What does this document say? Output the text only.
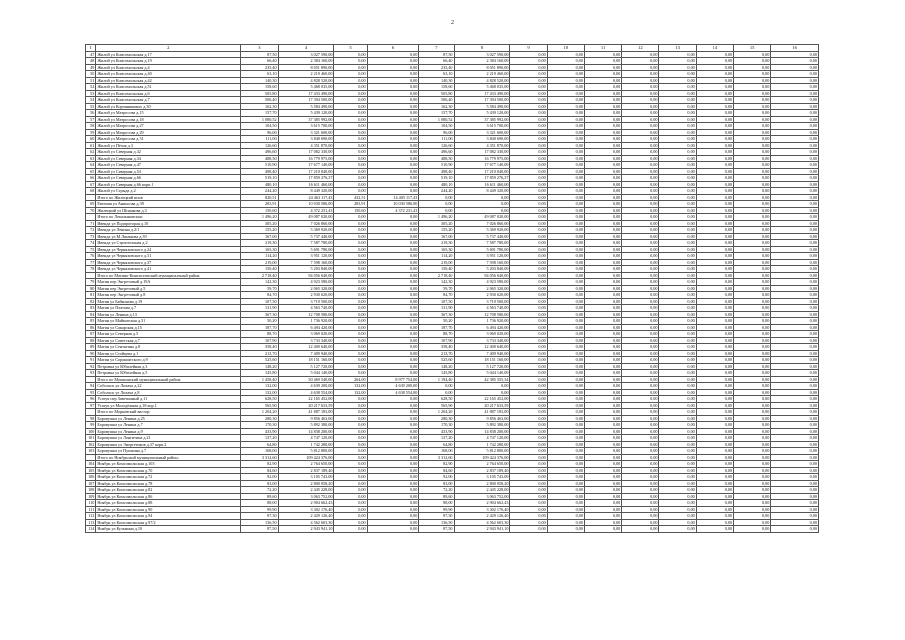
2
1	2	3	4	5	6	7	8	9	10	11	12	13	14	15	16
47	Жилой ул Комсомольская д.17	87,50	3 027 590,00	0,00	0,00	87,50	3 027 590,00	0,00	0,00	0,00	0,00	0,00	0,00	0,00	0,00
48	Жилой ул Комсомольская д.19	66,40	2 384 160,00	0,00	0,00	66,40	2 384 160,00	0,00	0,00	0,00	0,00	0,00	0,00	0,00	0,00
49	Жилой ул Комсомольская д.4	235,40	8 051 890,00	0,00	0,00	235,40	8 051 890,00	0,00	0,00	0,00	0,00	0,00	0,00	0,00	0,00
50	Жилой ул Комсомольская д.40	63,10	2 219 460,00	0,00	0,00	63,10	2 219 460,00	0,00	0,00	0,00	0,00	0,00	0,00	0,00	0,00
51	Жилой ул Комсомольская д.42	140,30	4 828 520,00	0,00	0,00	140,30	4 828 520,00	0,00	0,00	0,00	0,00	0,00	0,00	0,00	0,00
52	Жилой ул Комсомольская д.51	158,60	5 468 035,00	0,00	0,00	158,60	5 468 035,00	0,00	0,00	0,00	0,00	0,00	0,00	0,00	0,00
53	Жилой ул Комсомольская д.6	505,80	17 433 490,00	0,00	0,00	505,80	17 433 490,00	0,00	0,00	0,00	0,00	0,00	0,00	0,00	0,00
54	Жилой ул Комсомольская д.7	506,40	17 394 500,00	0,00	0,00	506,40	17 394 500,00	0,00	0,00	0,00	0,00	0,00	0,00	0,00	0,00
55	Жилой ул Корчиниковых д.30	162,30	5 584 490,00	0,00	0,00	162,30	5 584 490,00	0,00	0,00	0,00	0,00	0,00	0,00	0,00	0,00
56	Жилой ул Матросова д.15	157,70	5 439 120,00	0,00	0,00	157,70	5 439 120,00	0,00	0,00	0,00	0,00	0,00	0,00	0,00	0,00
57	Жилой ул Матросова д.18	1 080,52	37 385 992,00	0,00	0,00	1 080,52	37 385 992,00	0,00	0,00	0,00	0,00	0,00	0,00	0,00	0,00
58	Жилой ул Матросова д.27	104,50	3 615 700,00	0,00	0,00	104,50	3 615 700,00	0,00	0,00	0,00	0,00	0,00	0,00	0,00	0,00
59	Жилой ул Матросова д.29	96,00	3 321 600,00	0,00	0,00	96,00	3 321 600,00	0,00	0,00	0,00	0,00	0,00	0,00	0,00	0,00
60	Жилой ул Матросова д.31	111,00	3 840 690,00	0,00	0,00	111,00	3 840 690,00	0,00	0,00	0,00	0,00	0,00	0,00	0,00	0,00
61	Жилой ул Пёхоя д.3	126,60	4 351 870,00	0,00	0,00	126,60	4 351 870,00	0,00	0,00	0,00	0,00	0,00	0,00	0,00	0,00
62	Жилой ул Северная д.32	496,60	17 082 330,00	0,00	0,00	496,60	17 082 330,00	0,00	0,00	0,00	0,00	0,00	0,00	0,00	0,00
63	Жилой ул Северная д.34	488,50	16 779 975,00	0,00	0,00	488,50	16 779 975,00	0,00	0,00	0,00	0,00	0,00	0,00	0,00	0,00
64	Жилой ул Северная д.47	510,90	17 677 140,00	0,00	0,00	510,90	17 677 140,00	0,00	0,00	0,00	0,00	0,00	0,00	0,00	0,00
65	Жилой ул Северная д.54	498,40	17 210 040,00	0,00	0,00	498,40	17 210 040,00	0,00	0,00	0,00	0,00	0,00	0,00	0,00	0,00
66	Жилой ул Северная д.66	519,10	17 859 276,37	0,00	0,00	519,10	17 859 276,37	0,00	0,00	0,00	0,00	0,00	0,00	0,00	0,00
67	Жилой ул Северная д.66 корп.1	480,10	16 611 460,00	0,00	0,00	480,10	16 611 460,00	0,00	0,00	0,00	0,00	0,00	0,00	0,00	0,00
68	Жилой ул Стрыда д.2	244,20	8 449 320,00	0,00	0,00	244,20	8 449 320,00	0,00	0,00	0,00	0,00	0,00	0,00	0,00	0,00
	Итого по Жилецкий ипов	820,51	24 463 117,43	432,51	14 405 117,43	0,00	0,00	0,00	0,00	0,00	0,00	0,00	0,00	0,00	0,00
69	Евгения ул Анинсова д.39	283,91	10 030 586,00	283,91	10 030 586,00	0,00	0,00	0,00	0,00	0,00	0,00	0,00	0,00	0,00	0,00
70	Жилецкий ул Шпанкова д.3	150,60	4 372 231,43	150,60	4 372 231,43	0,00	0,00	0,00	0,00	0,00	0,00	0,00	0,00	0,00	0,00
	Итого по Лекалыновская:	1 496,20	49 087 020,00	0,00	0,00	1 496,20	49 087 020,00	0,00	0,00	0,00	0,00	0,00	0,00	0,00	0,00
71	Ивенда ул Подпроторая д.10	305,20	7 026 860,00	0,00	0,00	305,20	7 026 860,00	0,00	0,00	0,00	0,00	0,00	0,00	0,00	0,00
72	Ивенда ул Ленина д.2/1	155,20	5 369 920,00	0,00	0,00	155,20	5 369 920,00	0,00	0,00	0,00	0,00	0,00	0,00	0,00	0,00
73	Ивенда ул М.Линькова д.39	167,00	5 737 440,00	0,00	0,00	167,00	5 737 440,00	0,00	0,00	0,00	0,00	0,00	0,00	0,00	0,00
74	Ивенда ул Строительная д.2	219,30	7 587 780,00	0,00	0,00	219,30	7 587 780,00	0,00	0,00	0,00	0,00	0,00	0,00	0,00	0,00
75	Ивенда ул Черняховского д.24	165,30	5 691 780,00	0,00	0,00	165,30	5 691 780,00	0,00	0,00	0,00	0,00	0,00	0,00	0,00	0,00
76	Ивенда ул Черняховского д.31	114,20	3 951 120,00	0,00	0,00	114,20	3 951 120,00	0,00	0,00	0,00	0,00	0,00	0,00	0,00	0,00
77	Ивенда ул Черняховского д.37	219,00	7 598 160,00	0,00	0,00	219,00	7 598 160,00	0,00	0,00	0,00	0,00	0,00	0,00	0,00	0,00
78	Ивенда ул Черняховского д.41	150,40	5 203 840,00	0,00	0,00	150,40	5 203 840,00	0,00	0,00	0,00	0,00	0,00	0,00	0,00	0,00
	Итого по Магино-Кингисеппский муниципальный район:	2 718,40	94 056 640,00	0,00	0,00	2 718,40	94 056 640,00	0,00	0,00	0,00	0,00	0,00	0,00	0,00	0,00
79	Магин пер Энгретовый д.19А	142,30	4 923 580,00	0,00	0,00	142,30	4 923 580,00	0,00	0,00	0,00	0,00	0,00	0,00	0,00	0,00
80	Магин пер Энгретовый д.5	59,70	2 065 320,00	0,00	0,00	59,70	2 065 320,00	0,00	0,00	0,00	0,00	0,00	0,00	0,00	0,00
81	Магин пер Энгретовый д.8	84,70	2 930 620,00	0,00	0,00	84,70	2 930 620,00	0,00	0,00	0,00	0,00	0,00	0,00	0,00	0,00
82	Магин ул Байконова д.19	107,50	3 719 500,00	0,00	0,00	107,50	3 719 500,00	0,00	0,00	0,00	0,00	0,00	0,00	0,00	0,00
83	Магин ул Платова д.7	131,90	4 563 740,00	0,00	0,00	131,90	4 563 740,00	0,00	0,00	0,00	0,00	0,00	0,00	0,00	0,00
84	Магин ул Ленина д.13	367,30	12 708 580,00	0,00	0,00	367,30	12 708 580,00	0,00	0,00	0,00	0,00	0,00	0,00	0,00	0,00
85	Магин ул Майкопская д.31	50,20	1 736 920,00	0,00	0,00	50,20	1 736 920,00	0,00	0,00	0,00	0,00	0,00	0,00	0,00	0,00
86	Магин ул Сакарская д.15	187,70	6 494 420,00	0,00	0,00	187,70	6 494 420,00	0,00	0,00	0,00	0,00	0,00	0,00	0,00	0,00
87	Магин ул Северная д.5	88,70	3 069 020,00	0,00	0,00	88,70	3 069 020,00	0,00	0,00	0,00	0,00	0,00	0,00	0,00	0,00
88	Магин ул Советская д.7	107,90	3 733 340,00	0,00	0,00	107,90	3 733 340,00	0,00	0,00	0,00	0,00	0,00	0,00	0,00	0,00
89	Магин ул Сентягина д.8	358,40	12 400 640,00	0,00	0,00	358,40	12 400 640,00	0,00	0,00	0,00	0,00	0,00	0,00	0,00	0,00
90	Магин ул Стойцева д.1	213,70	7 409 940,00	0,00	0,00	213,70	7 409 940,00	0,00	0,00	0,00	0,00	0,00	0,00	0,00	0,00
91	Магин ул Сорокоятского д.9	525,60	18 151 160,00	0,00	0,00	525,60	18 151 160,00	0,00	0,00	0,00	0,00	0,00	0,00	0,00	0,00
92	Петровка ул Юбилейная д.3	148,20	5 127 720,00	0,00	0,00	148,20	5 127 720,00	0,00	0,00	0,00	0,00	0,00	0,00	0,00	0,00
93	Петровка ул Юбилейная д.5	145,80	5 044 140,00	0,00	0,00	145,80	5 044 140,00	0,00	0,00	0,00	0,00	0,00	0,00	0,00	0,00
	Итого по Мошкинский муниципальный район:	1 458,40	50 469 540,00	264,00	8 977 754,00	1 194,40	42 385 355,34	0,00	0,00	0,00	0,00	0,00	0,00	0,00	0,00
94	Собольск ул Лихача д.22	132,00	4 639 200,00	132,00	4 639 200,00	0,00	0,00	0,00	0,00	0,00	0,00	0,00	0,00	0,00	0,00
95	Собольск ул Лихача д.8	132,00	4 638 554,00	132,00	4 638 554,00	0,00	0,00	0,00	0,00	0,00	0,00	0,00	0,00	0,00	0,00
96	Усатук пер Заветинный д.11	628,50	22 165 452,00	0,00	0,00	628,50	22 165 452,00	0,00	0,00	0,00	0,00	0,00	0,00	0,00	0,00
97	Усатук ул Молодёжная д.18 кор.1	565,90	20 217 633,59	0,00	0,00	565,90	20 217 633,59	0,00	0,00	0,00	0,00	0,00	0,00	0,00	0,00
	Итого по Морковский вастор:	1 204,20	41 887 183,00	0,00	0,00	1 204,20	41 887 183,00	0,00	0,00	0,00	0,00	0,00	0,00	0,00	0,00
98	Боровушка ул Ленина д.25	280,30	9 856 463,00	0,00	0,00	280,30	9 856 463,00	0,00	0,00	0,00	0,00	0,00	0,00	0,00	0,00
99	Боровушка ул Ленина д.7	170,30	5 892 380,00	0,00	0,00	170,30	5 892 380,00	0,00	0,00	0,00	0,00	0,00	0,00	0,00	0,00
100	Боровушка ул Ленина д.9	433,90	14 838 200,00	0,00	0,00	433,90	14 838 200,00	0,00	0,00	0,00	0,00	0,00	0,00	0,00	0,00
101	Боровушка ул Лонгитина д.21	137,20	4 747 120,00	0,00	0,00	137,20	4 747 120,00	0,00	0,00	0,00	0,00	0,00	0,00	0,00	0,00
102	Боровушка ул Энергетиков д.37 корп.2	64,80	1 742 280,00	0,00	0,00	64,80	1 742 280,00	0,00	0,00	0,00	0,00	0,00	0,00	0,00	0,00
103	Боровушка ул Пушкина д.7	168,00	5 812 800,00	0,00	0,00	168,00	5 812 800,00	0,00	0,00	0,00	0,00	0,00	0,00	0,00	0,00
	Итого по Ноябрьский муниципальный район:	3 312,60	109 424 376,00	0,00	0,00	3 312,60	109 424 376,00	0,00	0,00	0,00	0,00	0,00	0,00	0,00	0,00
104	Ноябрь ул Комсомольская д.103	82,90	2 764 650,00	0,00	0,00	82,90	2 764 650,00	0,00	0,00	0,00	0,00	0,00	0,00	0,00	0,00
105	Ноябрь ул Комсомольская д.70	84,60	2 837 189,40	0,00	0,00	84,60	2 837 189,40	0,00	0,00	0,00	0,00	0,00	0,00	0,00	0,00
106	Ноябрь ул Комсомольская д.72	92,00	3 105 743,00	0,00	0,00	92,00	3 105 743,00	0,00	0,00	0,00	0,00	0,00	0,00	0,00	0,00
107	Ноябрь ул Комсомольская д.78	83,00	2 800 058,20	0,00	0,00	83,00	2 800 058,20	0,00	0,00	0,00	0,00	0,00	0,00	0,00	0,00
108	Ноябрь ул Комсомольская д.82	72,20	2 445 228,00	0,00	0,00	72,20	2 445 228,00	0,00	0,00	0,00	0,00	0,00	0,00	0,00	0,00
109	Ноябрь ул Комсомольская д.86	89,60	3 063 752,00	0,00	0,00	89,60	3 063 752,00	0,00	0,00	0,00	0,00	0,00	0,00	0,00	0,00
110	Ноябрь ул Комсомольская д.88	88,00	2 904 662,43	0,00	0,00	88,00	2 904 662,43	0,00	0,00	0,00	0,00	0,00	0,00	0,00	0,00
111	Ноябрь ул Комсомольская д.90	99,90	3 302 176,40	0,00	0,00	99,90	3 302 176,40	0,00	0,00	0,00	0,00	0,00	0,00	0,00	0,00
112	Ноябрь ул Комсомольская д.94	87,30	2 429 126,40	0,00	0,00	87,30	2 429 126,40	0,00	0,00	0,00	0,00	0,00	0,00	0,00	0,00
113	Ноябрь ул Комсомольская д.97/2	136,50	4 562 603,30	0,00	0,00	136,50	4 562 603,30	0,00	0,00	0,00	0,00	0,00	0,00	0,00	0,00
114	Ноябрь ул Кузьмина д.10	87,50	2 943 941,10	0,00	0,00	87,50	2 943 941,10	0,00	0,00	0,00	0,00	0,00	0,00	0,00	0,00
